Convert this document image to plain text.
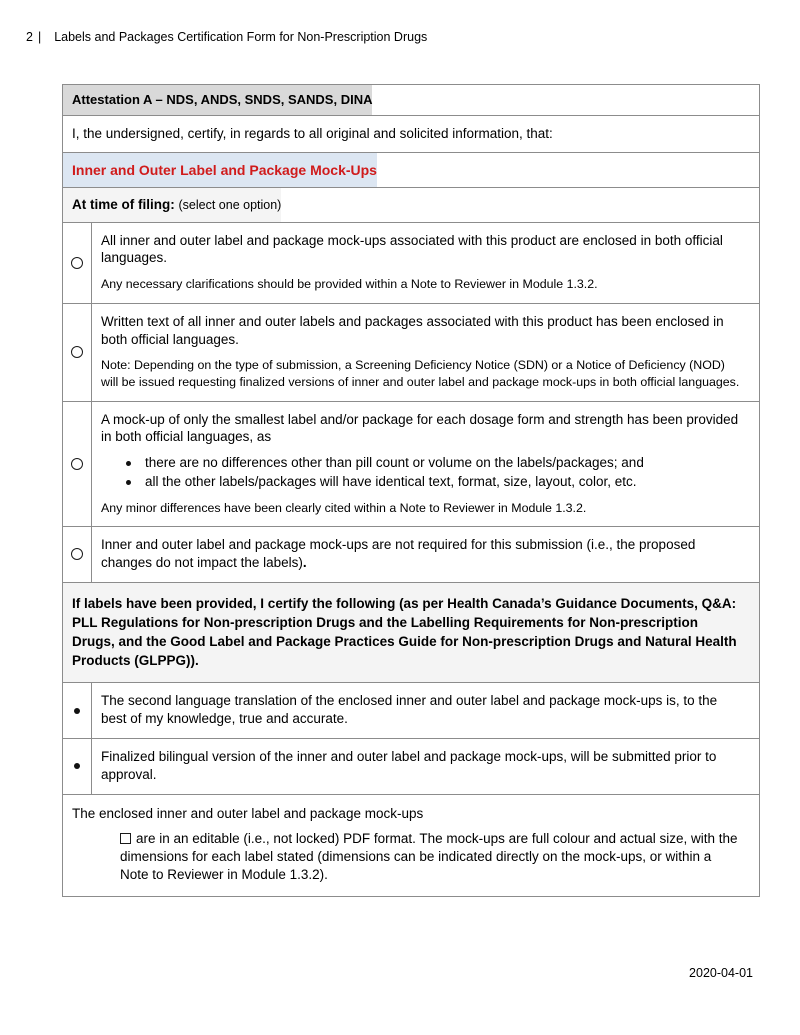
2 | Labels and Packages Certification Form for Non-Prescription Drugs
Attestation A – NDS, ANDS, SNDS, SANDS, DINA
I, the undersigned, certify, in regards to all original and solicited information, that:
Inner and Outer Label and Package Mock-Ups
At time of filing: (select one option)

All inner and outer label and package mock-ups associated with this product are enclosed in both official languages.

Any necessary clarifications should be provided within a Note to Reviewer in Module 1.3.2.

Written text of all inner and outer labels and packages associated with this product has been enclosed in both official languages.

Note: Depending on the type of submission, a Screening Deficiency Notice (SDN) or a Notice of Deficiency (NOD) will be issued requesting finalized versions of inner and outer label and package mock-ups in both official languages.

A mock-up of only the smallest label and/or package for each dosage form and strength has been provided in both official languages, as

there are no differences other than pill count or volume on the labels/packages; and
all the other labels/packages will have identical text, format, size, layout, color, etc.

Any minor differences have been clearly cited within a Note to Reviewer in Module 1.3.2.

Inner and outer label and package mock-ups are not required for this submission (i.e., the proposed changes do not impact the labels).

If labels have been provided, I certify the following (as per Health Canada’s Guidance Documents, Q&A: PLL Regulations for Non-prescription Drugs and the Labelling Requirements for Non-prescription Drugs, and the Good Label and Package Practices Guide for Non-prescription Drugs and Natural Health Products (GLPPG)).

The second language translation of the enclosed inner and outer label and package mock-ups is, to the best of my knowledge, true and accurate.

Finalized bilingual version of the inner and outer label and package mock-ups, will be submitted prior to approval.

The enclosed inner and outer label and package mock-ups

are in an editable (i.e., not locked) PDF format. The mock-ups are full colour and actual size, with the dimensions for each label stated (dimensions can be indicated directly on the mock-ups, or within a Note to Reviewer in Module 1.3.2).

2020-04-01
